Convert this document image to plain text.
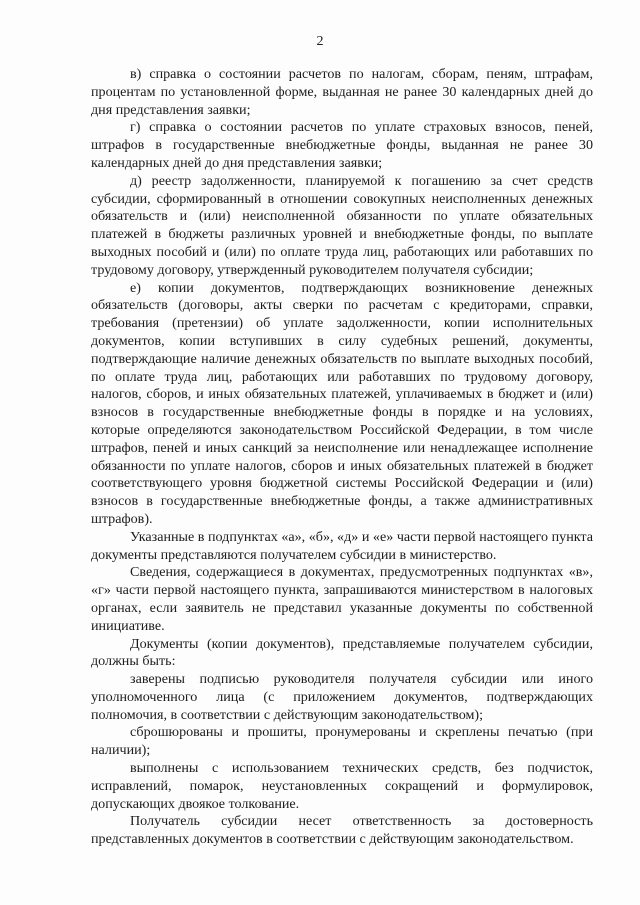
2

в) справка о состоянии расчетов по налогам, сборам, пеням, штрафам, процентам по установленной форме, выданная не ранее 30 календарных дней до дня представления заявки;

г) справка о состоянии расчетов по уплате страховых взносов, пеней, штрафов в государственные внебюджетные фонды, выданная не ранее 30 календарных дней до дня представления заявки;

д) реестр задолженности, планируемой к погашению за счет средств субсидии, сформированный в отношении совокупных неисполненных денежных обязательств и (или) неисполненной обязанности по уплате обязательных платежей в бюджеты различных уровней и внебюджетные фонды, по выплате выходных пособий и (или) по оплате труда лиц, работающих или работавших по трудовому договору, утвержденный руководителем получателя субсидии;

е) копии документов, подтверждающих возникновение денежных обязательств (договоры, акты сверки по расчетам с кредиторами, справки, требования (претензии) об уплате задолженности, копии исполнительных документов, копии вступивших в силу судебных решений, документы, подтверждающие наличие денежных обязательств по выплате выходных пособий, по оплате труда лиц, работающих или работавших по трудовому договору, налогов, сборов, и иных обязательных платежей, уплачиваемых в бюджет и (или) взносов в государственные внебюджетные фонды в порядке и на условиях, которые определяются законодательством Российской Федерации, в том числе штрафов, пеней и иных санкций за неисполнение или ненадлежащее исполнение обязанности по уплате налогов, сборов и иных обязательных платежей в бюджет соответствующего уровня бюджетной системы Российской Федерации и (или) взносов в государственные внебюджетные фонды, а также административных штрафов).

Указанные в подпунктах «а», «б», «д» и «е» части первой настоящего пункта документы представляются получателем субсидии в министерство.

Сведения, содержащиеся в документах, предусмотренных подпунктах «в», «г» части первой настоящего пункта, запрашиваются министерством в налоговых органах, если заявитель не представил указанные документы по собственной инициативе.

Документы (копии документов), представляемые получателем субсидии, должны быть:

заверены подписью руководителя получателя субсидии или иного уполномоченного лица (с приложением документов, подтверждающих полномочия, в соответствии с действующим законодательством);

сброшюрованы и прошиты, пронумерованы и скреплены печатью (при наличии);

выполнены с использованием технических средств, без подчисток, исправлений, помарок, неустановленных сокращений и формулировок, допускающих двоякое толкование.

Получатель субсидии несет ответственность за достоверность представленных документов в соответствии с действующим законодательством.
